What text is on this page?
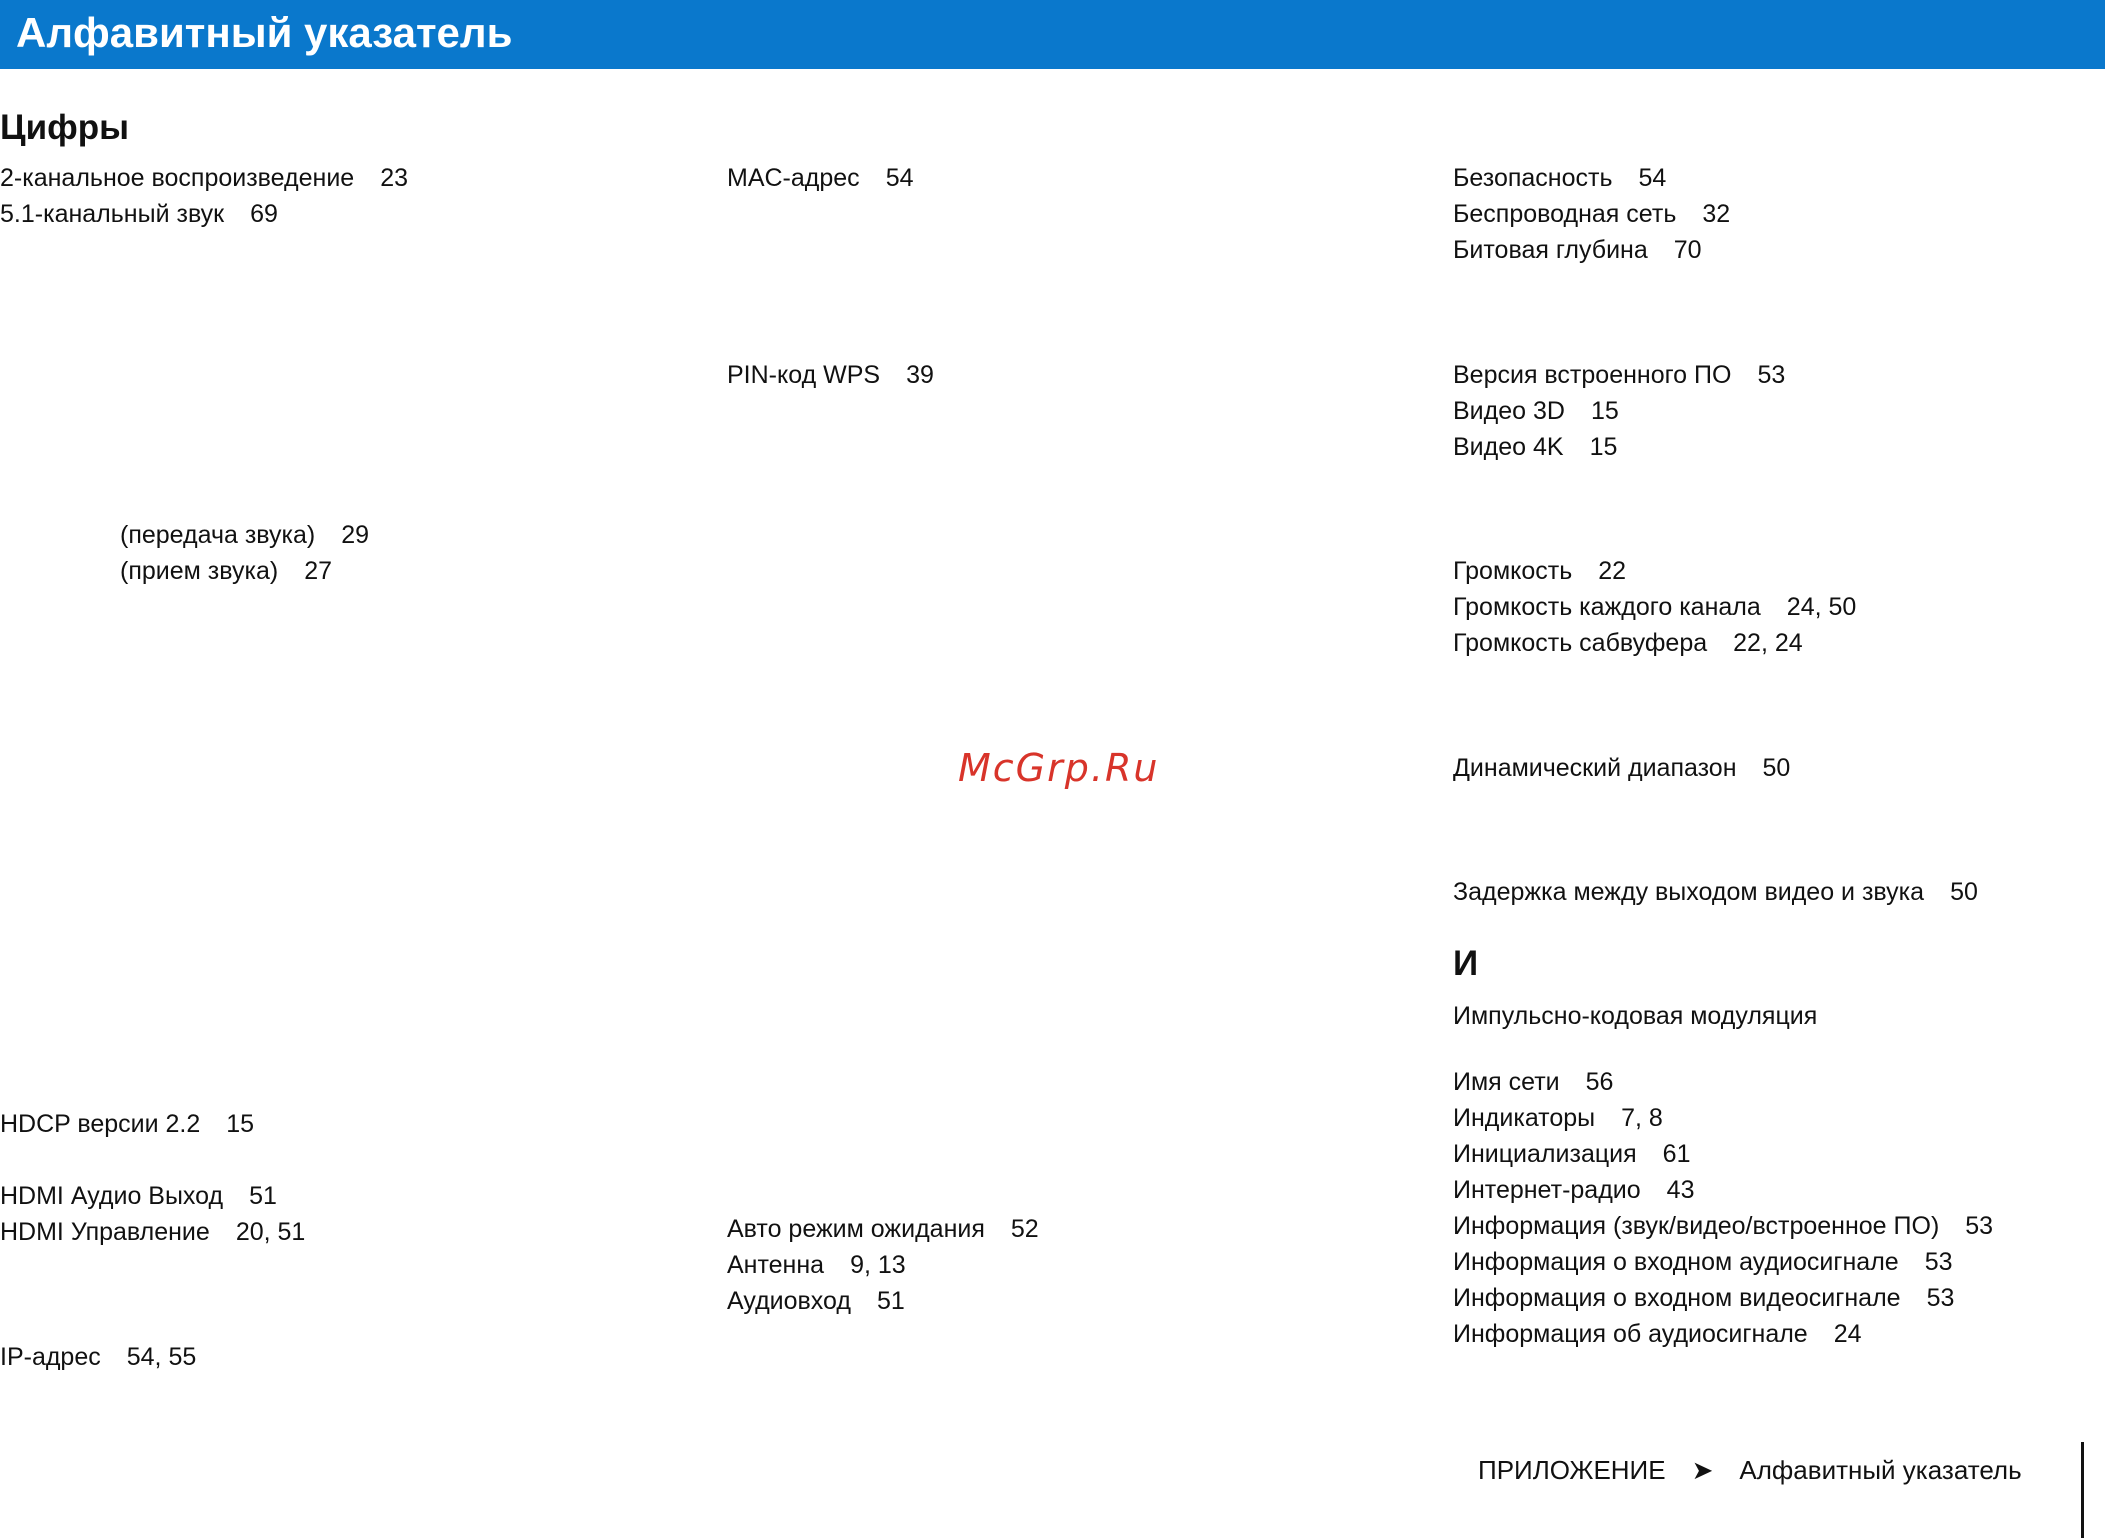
Алфавитный указатель
Цифры
2-канальное воспроизведение 23
5.1-канальный звук 69
(передача звука) 29
(прием звука) 27
HDCP версии 2.2 15
HDMI Аудио Выход 51
HDMI Управление 20, 51
IP-адрес 54, 55
MAC-адрес 54
PIN-код WPS 39
Авто режим ожидания 52
Антенна 9, 13
Аудиовход 51
McGrp.Ru
Безопасность 54
Беспроводная сеть 32
Битовая глубина 70
Версия встроенного ПО 53
Видео 3D 15
Видео 4K 15
Громкость 22
Громкость каждого канала 24, 50
Громкость сабвуфера 22, 24
Динамический диапазон 50
Задержка между выходом видео и звука 50
И
Импульсно-кодовая модуляция
Имя сети 56
Индикаторы 7, 8
Инициализация 61
Интернет-радио 43
Информация (звук/видео/встроенное ПО) 53
Информация о входном аудиосигнале 53
Информация о входном видеосигнале 53
Информация об аудиосигнале 24
ПРИЛОЖЕНИЕ ➤ Алфавитный указатель
